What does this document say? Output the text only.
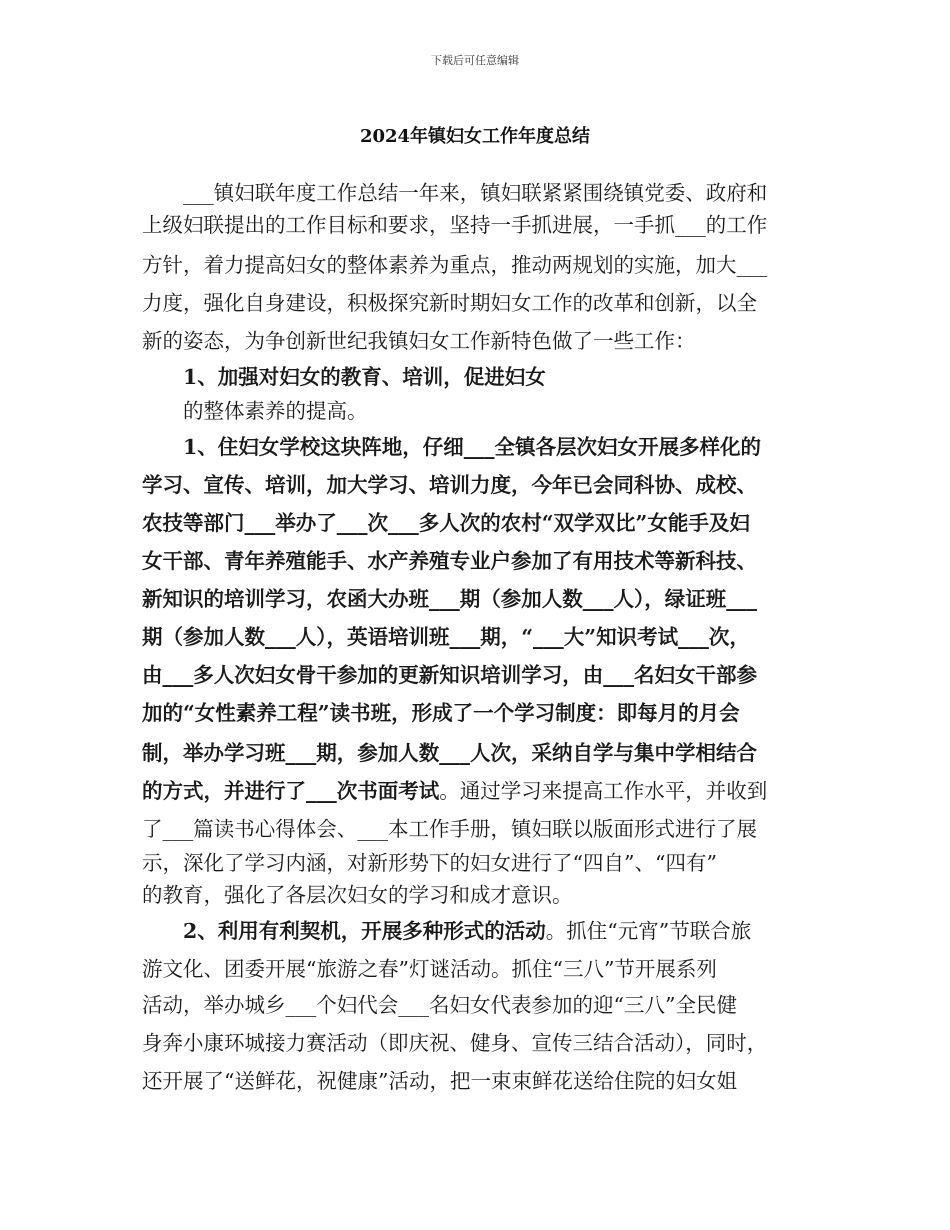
下载后可任意编辑
2024年镇妇女工作年度总结
　　___镇妇联年度工作总结一年来，镇妇联紧紧围绕镇党委、政府和
上级妇联提出的工作目标和要求，坚持一手抓进展，一手抓___的工作
方针，着力提高妇女的整体素养为重点，推动两规划的实施，加大___
力度，强化自身建设，积极探究新时期妇女工作的改革和创新，以全
新的姿态，为争创新世纪我镇妇女工作新特色做了一些工作：
　　1、加强对妇女的教育、培训，促进妇女
　　的整体素养的提高。
　　1、住妇女学校这块阵地，仔细___全镇各层次妇女开展多样化的
学习、宣传、培训，加大学习、培训力度，今年已会同科协、成校、
农技等部门___举办了___次___多人次的农村“双学双比”女能手及妇
女干部、青年养殖能手、水产养殖专业户参加了有用技术等新科技、
新知识的培训学习，农函大办班___期（参加人数___人），绿证班___
期（参加人数___人），英语培训班___期，“___大”知识考试___次，
由___多人次妇女骨干参加的更新知识培训学习，由___名妇女干部参
加的“女性素养工程”读书班，形成了一个学习制度：即每月的月会
制，举办学习班___期，参加人数___人次，采纳自学与集中学相结合
的方式，并进行了___次书面考试。通过学习来提高工作水平，并收到
了___篇读书心得体会、___本工作手册，镇妇联以版面形式进行了展
示，深化了学习内涵，对新形势下的妇女进行了“四自”、“四有”
的教育，强化了各层次妇女的学习和成才意识。
　　2、利用有利契机，开展多种形式的活动。抓住“元宵”节联合旅
游文化、团委开展“旅游之春”灯谜活动。抓住“三八”节开展系列
活动，举办城乡___个妇代会___名妇女代表参加的迎“三八”全民健
身奔小康环城接力赛活动（即庆祝、健身、宣传三结合活动），同时，
还开展了“送鲜花，祝健康”活动，把一束束鲜花送给住院的妇女姐
